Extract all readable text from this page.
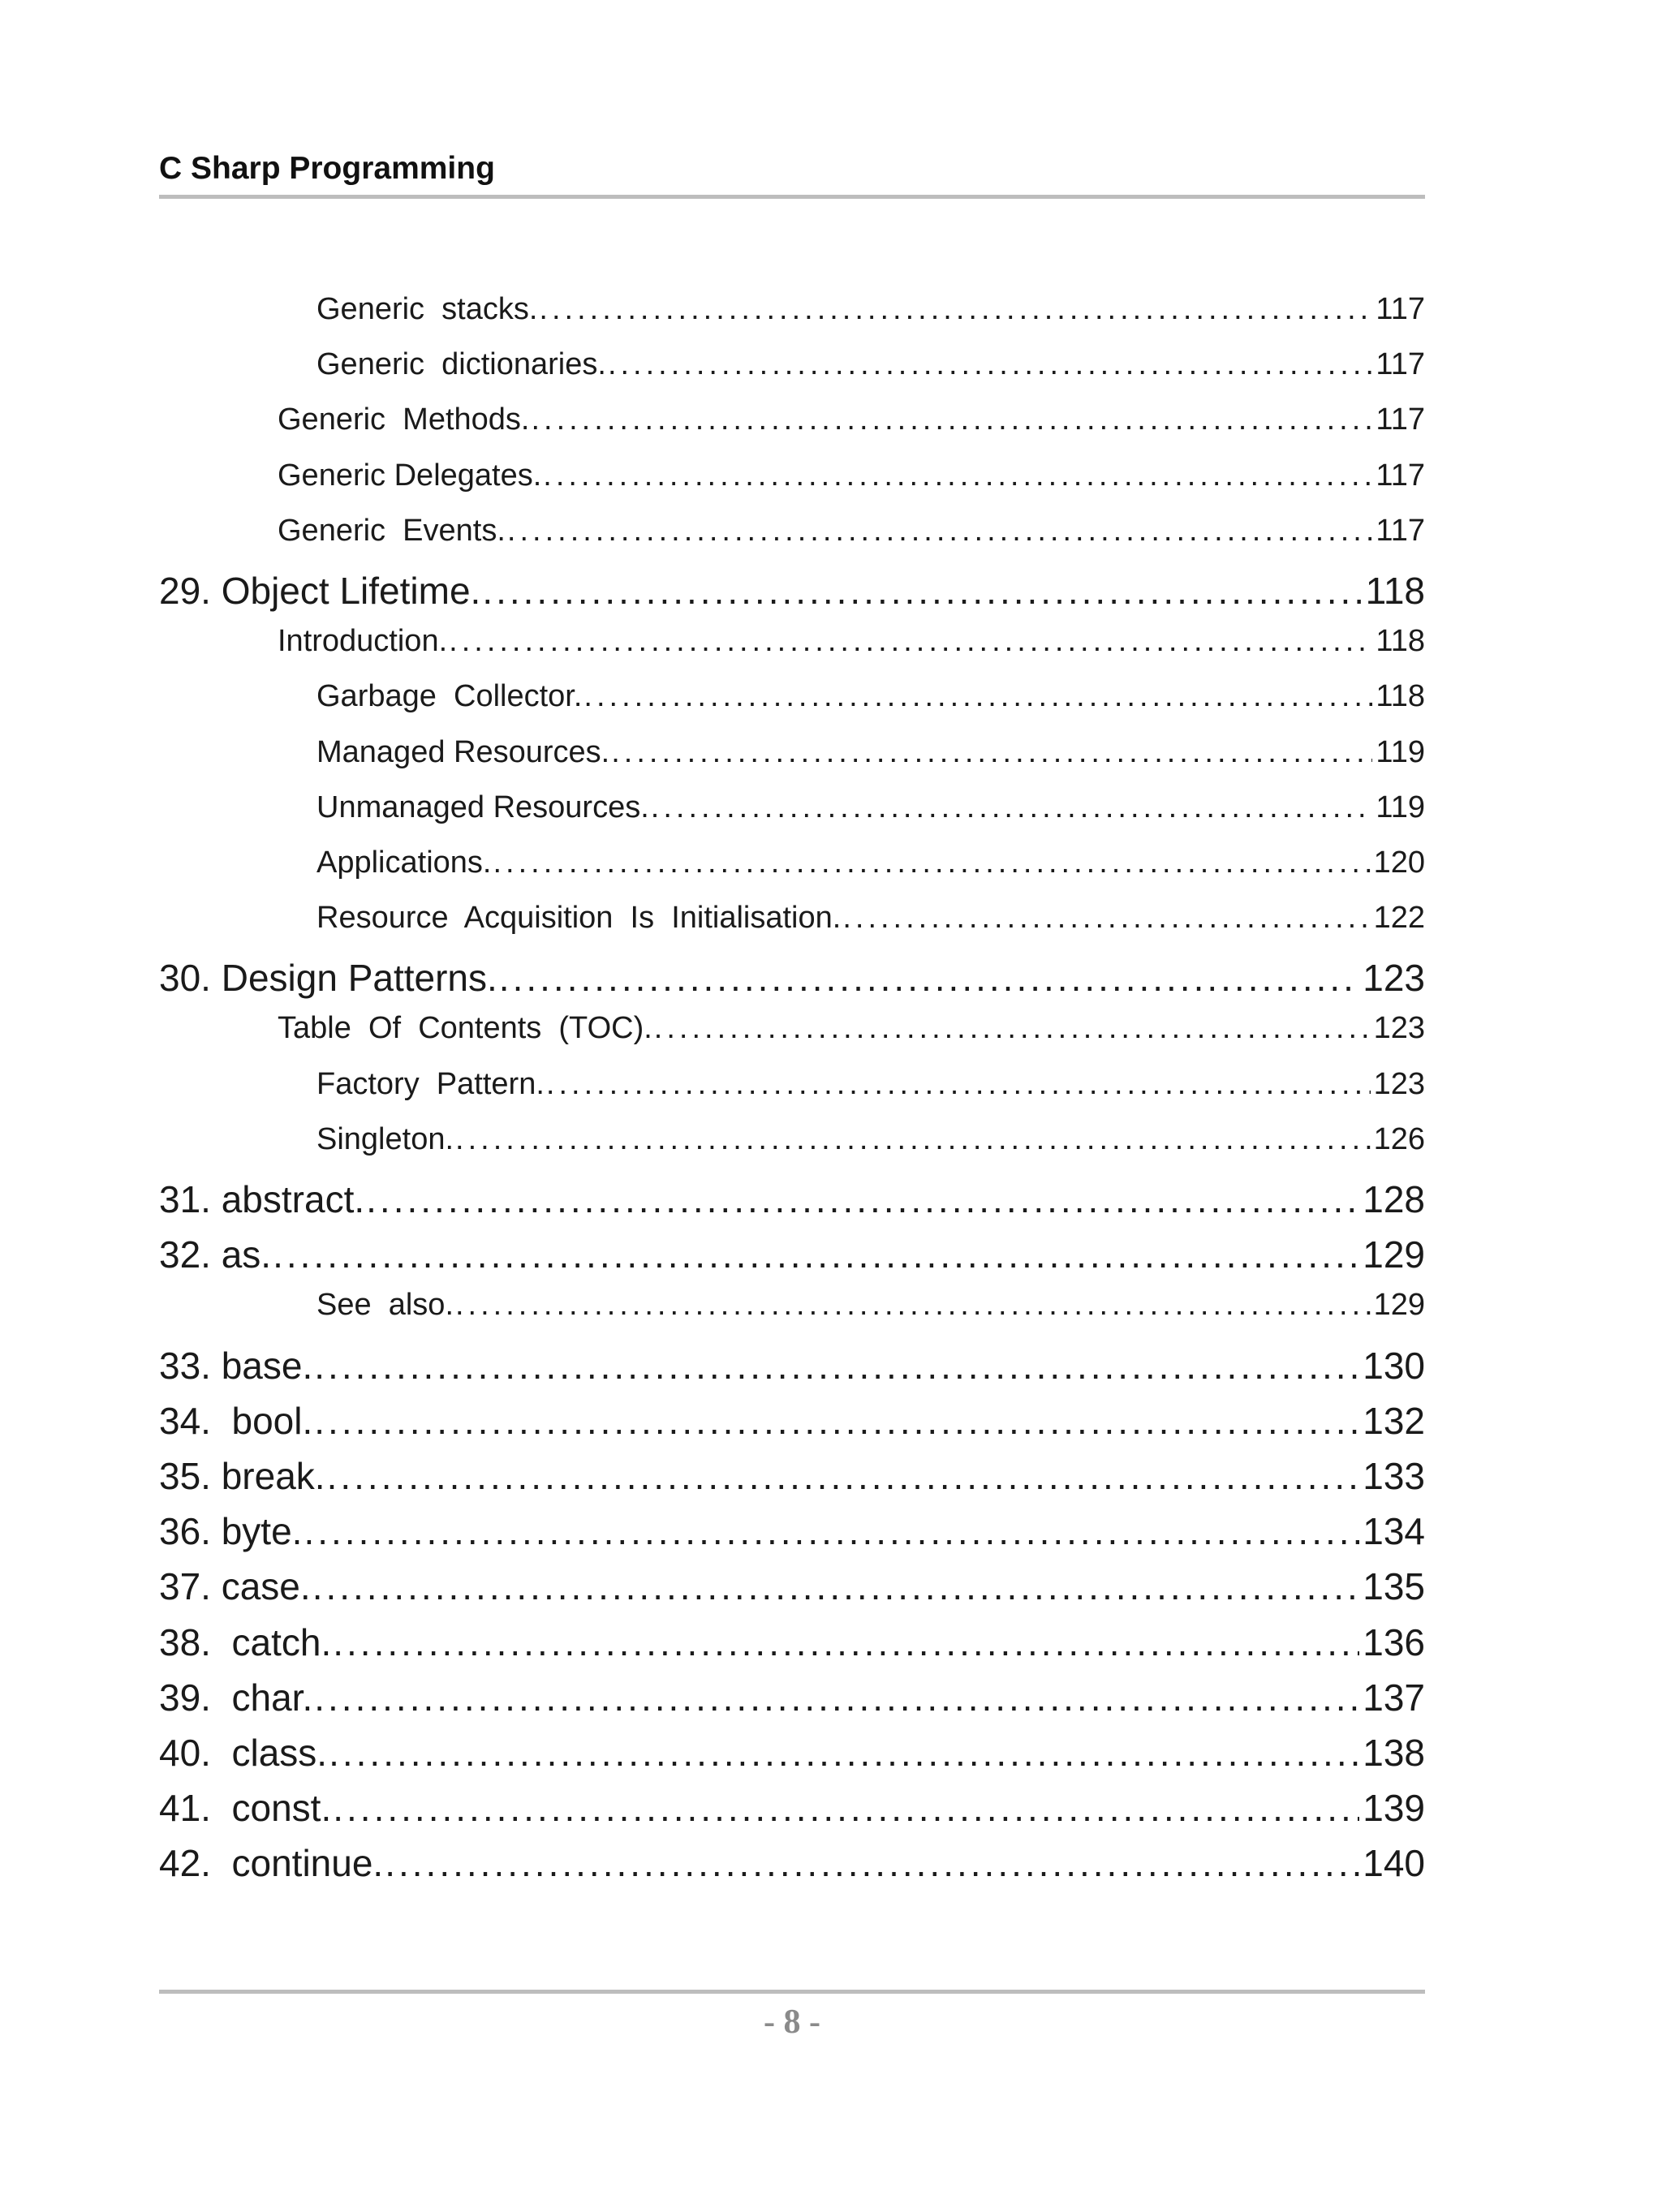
C Sharp Programming
Generic  stacks. .....	117
Generic  dictionaries. .....	117
Generic  Methods. .....	117
Generic Delegates. .....	117
Generic  Events. .....	117
29. Object Lifetime. .....	118
Introduction. .....	118
Garbage  Collector. .....	118
Managed Resources. .....	119
Unmanaged Resources. .....	119
Applications. .....	120
Resource  Acquisition  Is  Initialisation. .....	122
30. Design Patterns. .....	123
Table  Of  Contents  (TOC). .....	123
Factory  Pattern. .....	123
Singleton. .....	126
31. abstract. .....	128
32. as. .....	129
See  also. .....	129
33. base. .....	130
34.  bool. .....	132
35. break. .....	133
36. byte. .....	134
37. case. .....	135
38.  catch. .....	136
39.  char. .....	137
40.  class. .....	138
41.  const. .....	139
42.  continue. .....	140
- 8 -
